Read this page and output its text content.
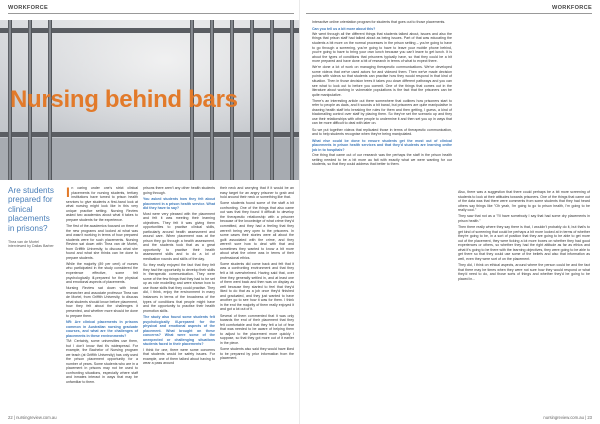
WORKFORCE
Nursing behind bars
Are students prepared for clinical placements in prisons?
Thea van de Mortel interviewed by Dallas Barber

In caring under one's strict clinical placements for nursing students, tertiary institutions have turned to prison health services to give students a first-hand look at what nursing might look like in this very unique practice setting. Nursing Review asked two academics about what it takes to prepare students for the experience.

The first of the academics focused on three of the new programs and looked at what was and wasn't working in terms of how prepared students were for such placements. Nursing Review sat down with Thea van de Mortel, from Griffith University, to discuss what she found and what she thinks can be done to prepare students.

While the majority (89 per cent) of nurses who participated in the study considered the experience effective, some felt psychologically ill-prepared for the physical and emotional aspects of placements.

Nursing Review sat down with head researcher and associate professor Thea van de Mortel, from Griffith University, to discuss what students should know before placement, how they felt about the challenges it presented, and whether more should be done to prepare them.

NR: Are clinical placements in prisons common in Australian nursing graduate courses, and what are the challenges of placements in these environments?

TM: Certainly, some universities use them, but I don't know that it's widespread. For example, the Bachelor of Nursing program we teach (at Griffith University) has only used the prison placement opportunity for a number of years. Some students who are in a placement in prisons may not be used to confronting situations, especially where staff and inmates interact in ways that may be unfamiliar to them.

prisons there aren't any other health students going through.

You asked students how they felt about placement in a prison health service. What did they have to say?

Most were very pleased with the placement and felt it was meeting their learning objectives. They felt it was giving them opportunities to practise clinical skills, particularly around health assessment and wound care. When placement was at the prison they go through a health assessment, and the students took that as a great opportunity to practise their health assessment skills and to do a lot of medication rounds and skills of the day.

So they really enjoyed the fact that they felt they had the opportunity to develop their skills in therapeutic communication. They were some of the few things that they had to be set up as role modelling and were shown how to use those skills that they could practise. They did, I think, enjoy the environment in many instances in terms of the broadness of the types of conditions that people might have and the opportunity to practise their health promotion skills.

The study also found some students felt psychologically ill-prepared for the physical and emotional aspects of the placement. What brought on these concerns? What were some of the unexpected or challenging situations students faced in their placements?

I think for one, there were some concerns that students would be safety issues. For example, one of them talked about having to wear a pass around

their neck and worrying that if it would be an easy target for an angry prisoner to grab and hold around their neck or something like that.

Some students found some of the staff a bit confronting. One of the things that also came out was that they found it difficult to develop the therapeutic relationship with a prisoner because of the knowledge of what crime they'd committed, and they had a feeling that they weren't being very open to the prisoners. In some cases their stories were all about the guilt associated with the crime, and they weren't sure how to deal with that and sometimes they wanted to know a bit more about what the crime was in terms of their professional ethics.

Some students did come back and felt that it was a confronting environment and that they felt a bit overwhelmed. Having said that, over time they generally settled in, and at least one of them went back and then was on display as well because they started to feel that they'd liked to do that as a job once they'd finished and graduated, and they just wanted to have another go to see how it was for them. I think in the end the majority of them really enjoyed it and got a lot out of it.

Several of them commented that it was only towards the end of their placement that they felt comfortable and that they felt a lot of fear that was needed to be aware of helping them to adjust to the placement more quickly I suppose, so that they got more out of it earlier in the piece.

Some students also said they would have liked to be prepared by prior information from the placement.

22 | nursingreview.com.au
WORKFORCE

Interactive online orientation program for students that goes out to those placements.

Can you tell us a bit more about this?

We went through all the different things that students talked about, issues and also the things that prison staff had talked about as being issues. Part of that was educating the students a bit more on the normal processes in the prison setting – you're going to have to go through a screening, you're going to have to leave your mobile phone behind, you're going to have to bring your own lunch because you can't leave to get lunch. It is about the types of conditions that prisoners typically have, so that they could be a bit more prepared and have done a bit of research in terms of what to expect there.

We're done a lot of work on managing therapeutic communications. We've developed some videos that we've used actors for and videoed them. Then we've made decision points with videos so that students can practise how they would respond in that kind of situation. Then in those decision trees it takes you down different pathways and you can see what to look out to before you commit. One of the things that comes out in the literature about working in vulnerable populations is the fact that the prisoners can be quite manipulative.

There's an interesting article out there somewhere that outlines how prisoners start to refer to people as dads, and it sounds a bit banal, but prisoners are quite manipulative in drawing health staff into breaking the rules for them and then getting, I guess, a kind of blackmailing control over staff by placing them. So they've set the scenario up and they use their relationships with other people to undermine it and then set you up in ways that can be more difficult to deal with later on.

So we put together videos that replicated those in terms of therapeutic communication, and to help students recognise when they're being manipulated.

What else could be done to ensure students get the most out of clinical placements in prison health services and that they'd students are learning onthe job in to hospitals?

One thing that came out of our research was the perhaps the staff in the prison health setting needed to be a bit more au fait with exactly what we were wanting for our students, so that they could address that better to them.

Also, there was a suggestion that there could perhaps be a bit more screening of students to look at their attitudes towards prisoners. One of the things that came out of the data was that there were comments from some students that they had heard others say things like "Oh yeah, I'm going to go to prison health, I'm going to be really cool."

They saw that not as a "I'll have somebody I say that had some dry placements in prison health."

Then there really where they say there is that, I wouldn't probably do it, but that's to get kind of screening that could be perhaps a bit more looked at in terms of whether they're going to be, in a sort of position that they are going to be able to get more out of the placement, they were ticking a lot more boxes on whether they had good experiences or others, so whether they had the right attitude as far as ethics and what it's going to be there with the learning objectives, they were going to be able to get there so that they could use some of the beliefs and also that information as well, even they were sort of on the placement.

They did, I think on ethical aspects, around where the person could be and the fact that there may be times when they were not sure how they would respond or what they'd need to do, and those sorts of things and whether they'd be going to be placed in...

nursingreview.com.au | 23
